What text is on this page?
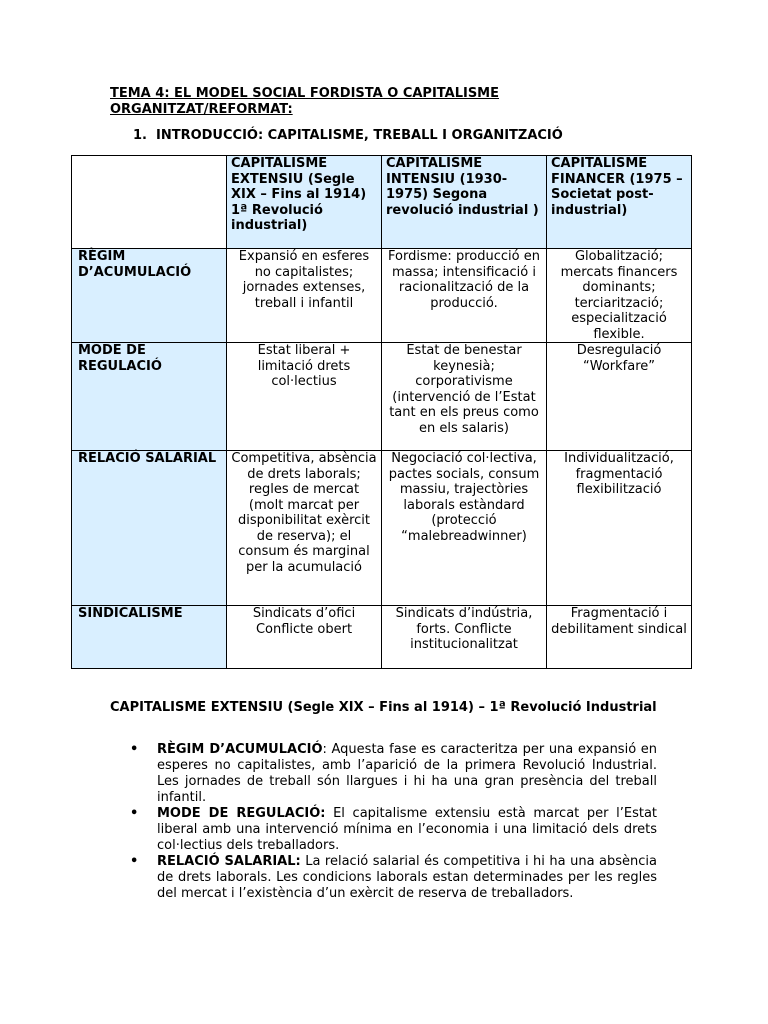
TEMA 4: EL MODEL SOCIAL FORDISTA O CAPITALISME
ORGANITZAT/REFORMAT:
1. INTRODUCCIÓ: CAPITALISME, TREBALL I ORGANITZACIÓ
	CAPITALISME EXTENSIU (Segle XIX – Fins al 1914) 1ª Revolució industrial)	CAPITALISME INTENSIU (1930-1975) Segona revolució industrial )	CAPITALISME FINANCER (1975 – Societat post-industrial)
RÈGIM D’ACUMULACIÓ	Expansió en esferes no capitalistes; jornades extenses, treball i infantil	Fordisme: producció en massa; intensificació i racionalització de la producció.	Globalització; mercats financers dominants; terciarització; especialització flexible.
MODE DE REGULACIÓ	Estat liberal + limitació drets col·lectius	Estat de benestar keynesià; corporativisme (intervenció de l’Estat tant en els preus como en els salaris)	Desregulació “Workfare”
RELACIÓ SALARIAL	Competitiva, absència de drets laborals; regles de mercat (molt marcat per disponibilitat exèrcit de reserva); el consum és marginal per la acumulació	Negociació col·lectiva, pactes socials, consum massiu, trajectòries laborals estàndard (protecció “malebreadwinner)	Individualització, fragmentació flexibilització
SINDICALISME	Sindicats d’ofici Conflicte obert	Sindicats d’indústria, forts. Conflicte institucionalitzat	Fragmentació i debilitament sindical
CAPITALISME EXTENSIU (Segle XIX – Fins al 1914) – 1ª Revolució Industrial
• RÈGIM D’ACUMULACIÓ: Aquesta fase es caracteritza per una expansió en esperes no capitalistes, amb l’aparició de la primera Revolució Industrial. Les jornades de treball són llargues i hi ha una gran presència del treball infantil.
• MODE DE REGULACIÓ: El capitalisme extensiu està marcat per l’Estat liberal amb una intervenció mínima en l’economia i una limitació dels drets col·lectius dels treballadors.
• RELACIÓ SALARIAL: La relació salarial és competitiva i hi ha una absència de drets laborals. Les condicions laborals estan determinades per les regles del mercat i l’existència d’un exèrcit de reserva de treballadors.
